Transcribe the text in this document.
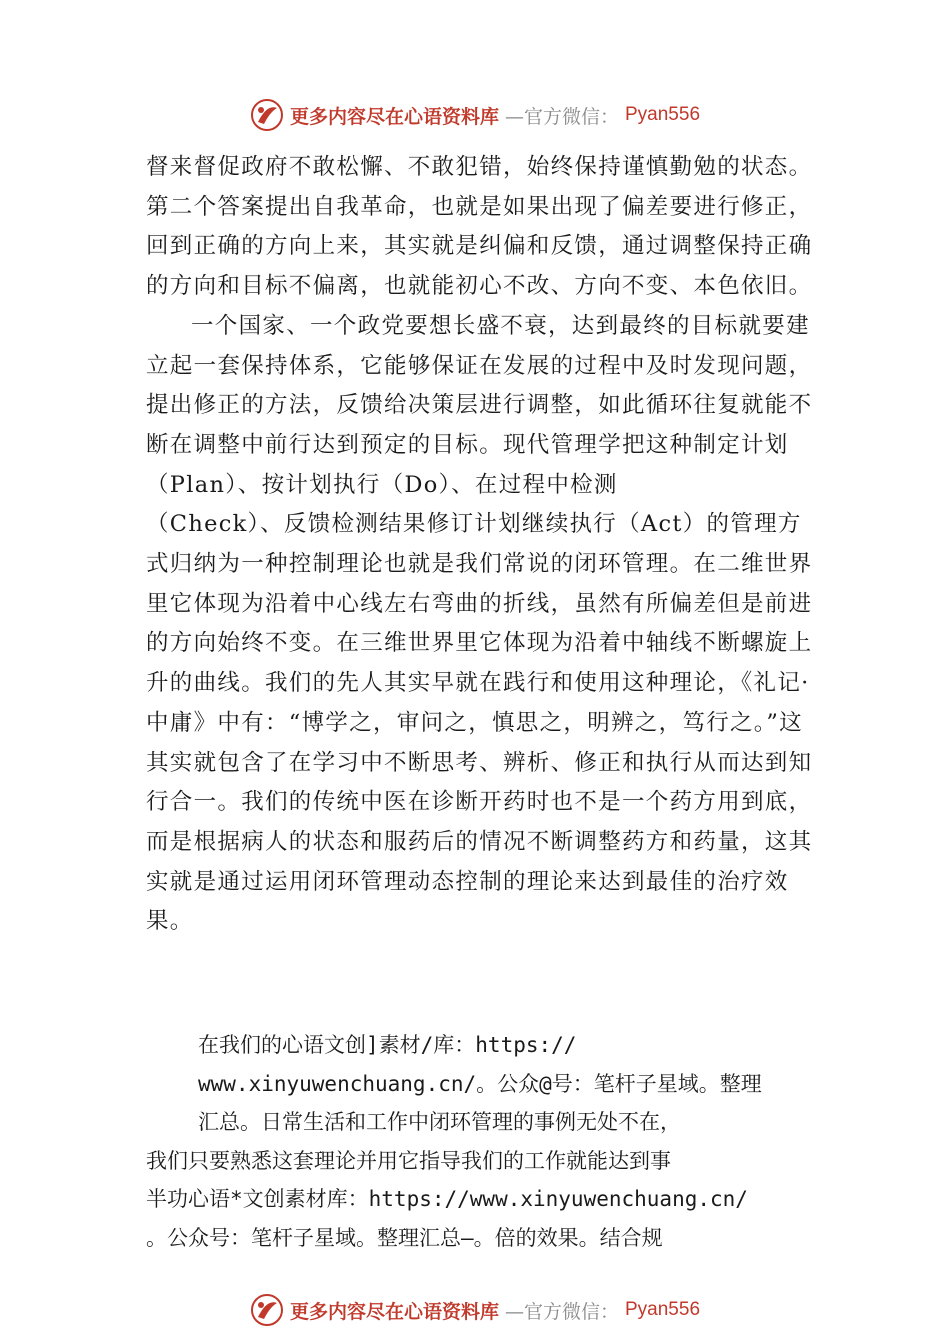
更多内容尽在心语资料库 —官方微信： Pyan556

督来督促政府不敢松懈、不敢犯错，始终保持谨慎勤勉的状态。第二个答案提出自我革命，也就是如果出现了偏差要进行修正，回到正确的方向上来，其实就是纠偏和反馈，通过调整保持正确的方向和目标不偏离，也就能初心不改、方向不变、本色依旧。

一个国家、一个政党要想长盛不衰，达到最终的目标就要建立起一套保持体系，它能够保证在发展的过程中及时发现问题，提出修正的方法，反馈给决策层进行调整，如此循环往复就能不断在调整中前行达到预定的目标。现代管理学把这种制定计划（Plan）、按计划执行（Do）、在过程中检测

（Check）、反馈检测结果修订计划继续执行（Act）的管理方式归纳为一种控制理论也就是我们常说的闭环管理。在二维世界里它体现为沿着中心线左右弯曲的折线，虽然有所偏差但是前进的方向始终不变。在三维世界里它体现为沿着中轴线不断螺旋上升的曲线。我们的先人其实早就在践行和使用这种理论，《礼记·中庸》中有：“博学之，审问之，慎思之，明辨之，笃行之。”这其实就包含了在学习中不断思考、辨析、修正和执行从而达到知行合一。我们的传统中医在诊断开药时也不是一个药方用到底，而是根据病人的状态和服药后的情况不断调整药方和药量，这其实就是通过运用闭环管理动态控制的理论来达到最佳的治疗效果。

在我们的心语文创]素材/库：https://

www.xinyuwenchuang.cn/。公众@号：笔杆子星域。整理

汇总。日常生活和工作中闭环管理的事例无处不在，

我们只要熟悉这套理论并用它指导我们的工作就能达到事

半功心语*文创素材库：https://www.xinyuwenchuang.cn/

。公众号：笔杆子星域。整理汇总—。倍的效果。结合规

更多内容尽在心语资料库 —官方微信： Pyan556
